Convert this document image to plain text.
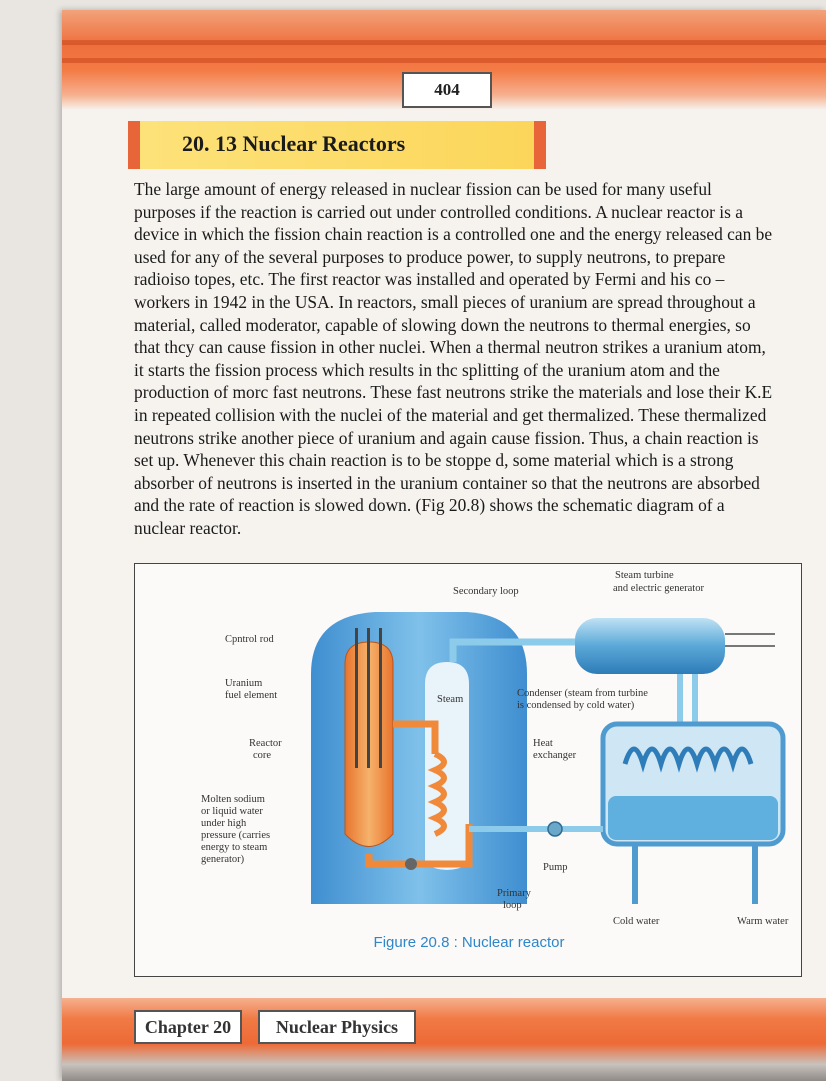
404
20. 13 Nuclear Reactors

The large amount of energy released in nuclear fission can be used for many useful purposes if the reaction is carried out under controlled conditions. A nuclear reactor is a device in which the fission chain reaction is a controlled one and the energy released can be used for any of the several purposes to produce power, to supply neutrons, to prepare radioiso topes, etc. The first reactor was installed and operated by Fermi and his co –workers in 1942 in the USA. In reactors, small pieces of uranium are spread throughout a material, called moderator, capable of slowing down the neutrons to thermal energies, so that thcy can cause fission in other nuclei. When a thermal neutron strikes a uranium atom, it starts the fission process which results in thc splitting of the uranium atom and the production of morc fast neutrons. These fast neutrons strike the materials and lose their K.E in repeated collision with the nuclei of the material and get thermalized. These thermalized neutrons strike another piece of uranium and again cause fission. Thus, a chain reaction is set up. Whenever this chain reaction is to be stoppe d, some material which is a strong absorber of neutrons is inserted in the uranium container so that the neutrons are absorbed and the rate of reaction is slowed down. (Fig 20.8) shows the schematic diagram of a nuclear reactor.

Secondary loop
Steam turbine
and electric generator
Cpntrol rod
Uranium
fuel element	Steam
Condenser (steam from turbine
is condensed by cold water)
Reactor
core
Heat
exchanger
Molten sodium
or liquid water
under high
pressure (carries
energy to steam
generator)
Pump
Primary
loop
Cold water	Warm water
Figure 20.8 : Nuclear reactor
Chapter 20	Nuclear Physics
